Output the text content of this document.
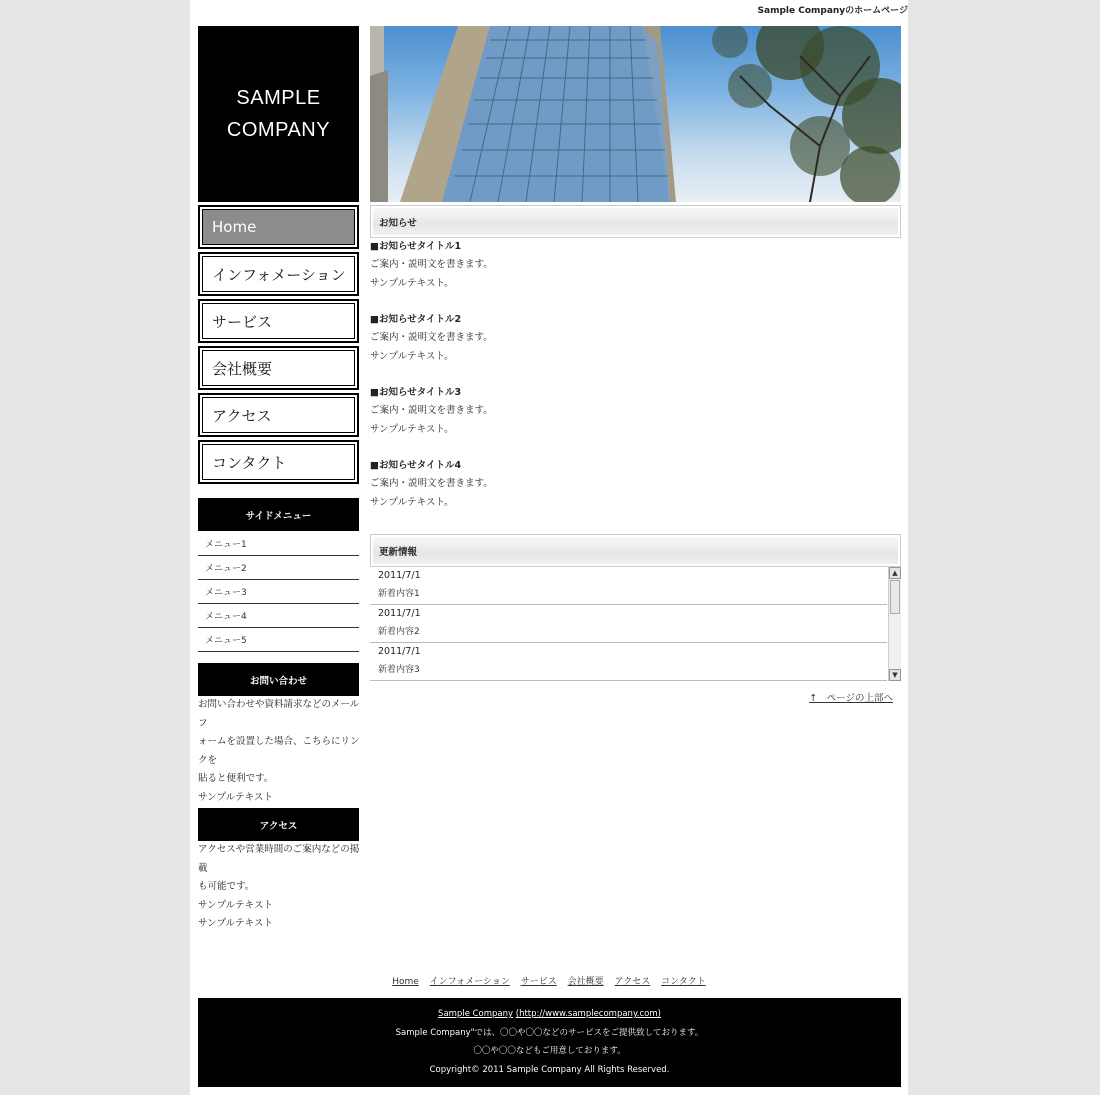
Sample Companyのホームページ
SAMPLE
COMPANY
Home
インフォメーション
サービス
会社概要
アクセス
コンタクト
サイドメニュー
メニュー1
メニュー2
メニュー3
メニュー4
メニュー5
お問い合わせ
お問い合わせや資料請求などのメールフ
ォームを設置した場合、こちらにリンクを
貼ると便利です。
サンプルテキスト
アクセス
アクセスや営業時間のご案内などの掲載
も可能です。
サンプルテキスト
サンプルテキスト
お知らせ
■お知らせタイトル1
ご案内・説明文を書きます。
サンプルテキスト。
■お知らせタイトル2
ご案内・説明文を書きます。
サンプルテキスト。
■お知らせタイトル3
ご案内・説明文を書きます。
サンプルテキスト。
■お知らせタイトル4
ご案内・説明文を書きます。
サンプルテキスト。
更新情報
2011/7/1
新着内容1
2011/7/1
新着内容2
2011/7/1
新着内容3
▲
▼
↑　ページの上部へ
Home インフォメーション サービス 会社概要 アクセス コンタクト
Sample Company (http://www.samplecompany.com)
Sample Company"では、〇〇や〇〇などのサービスをご提供致しております。
〇〇や〇〇などもご用意しております。
Copyright© 2011 Sample Company All Rights Reserved.
